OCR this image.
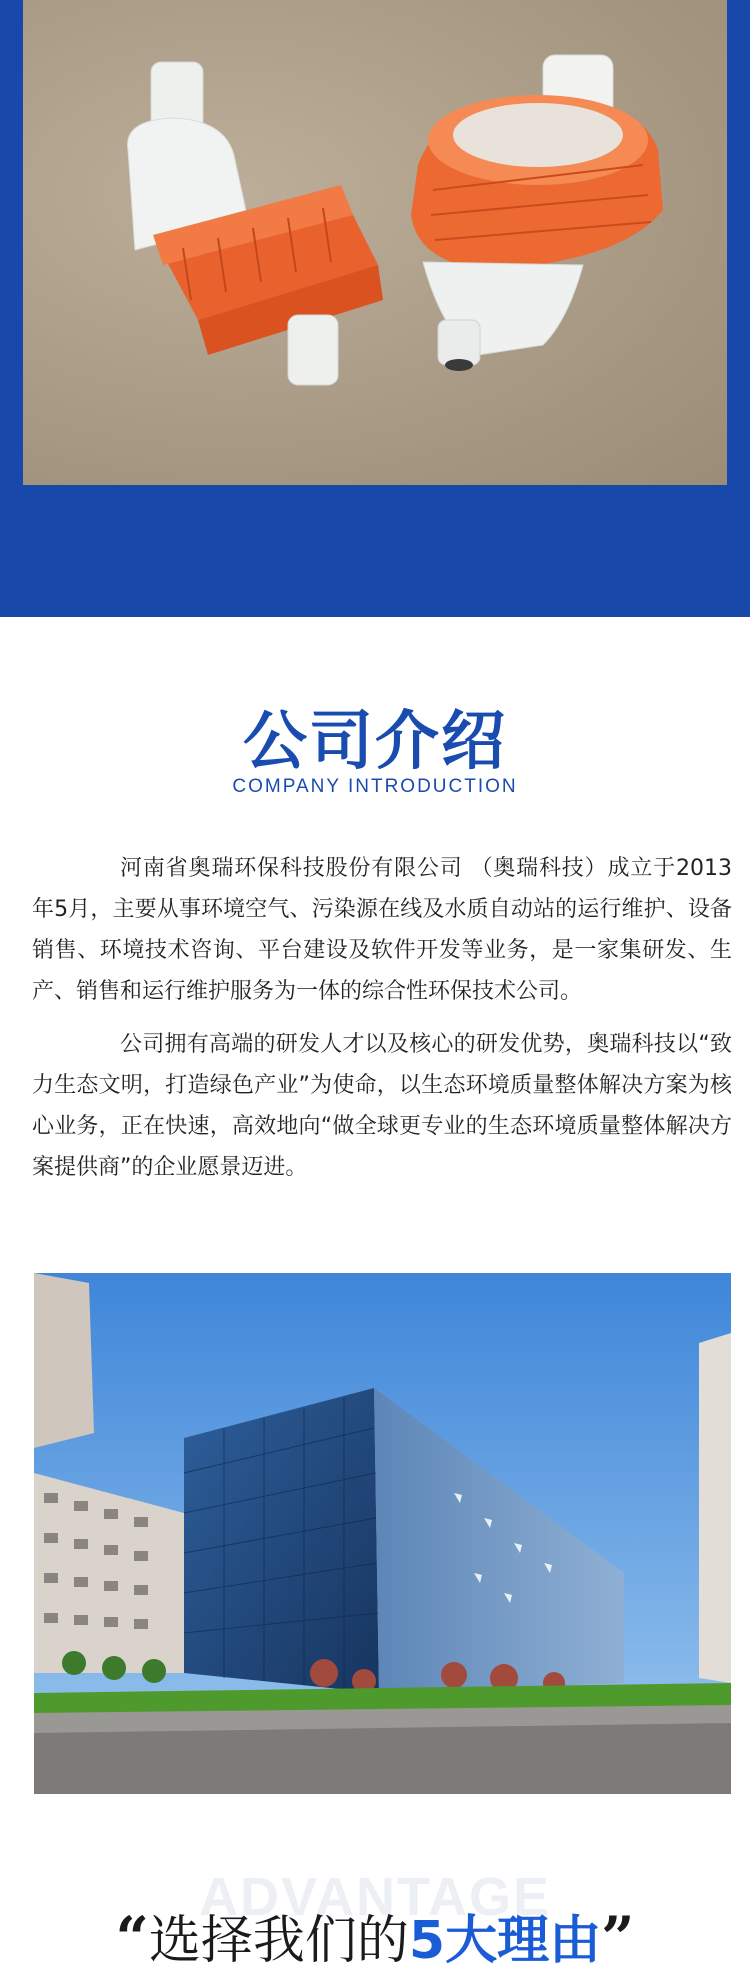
公司介绍
COMPANY INTRODUCTION

河南省奥瑞环保科技股份有限公司 （奥瑞科技）成立于2013年5月，主要从事环境空气、污染源在线及水质自动站的运行维护、设备销售、环境技术咨询、平台建设及软件开发等业务，是一家集研发、生产、销售和运行维护服务为一体的综合性环保技术公司。

公司拥有高端的研发人才以及核心的研发优势，奥瑞科技以“致力生态文明，打造绿色产业”为使命，以生态环境质量整体解决方案为核心业务，正在快速，高效地向“做全球更专业的生态环境质量整体解决方案提供商”的企业愿景迈进。

ADVANTAGE
“选择我们的5大理由”
